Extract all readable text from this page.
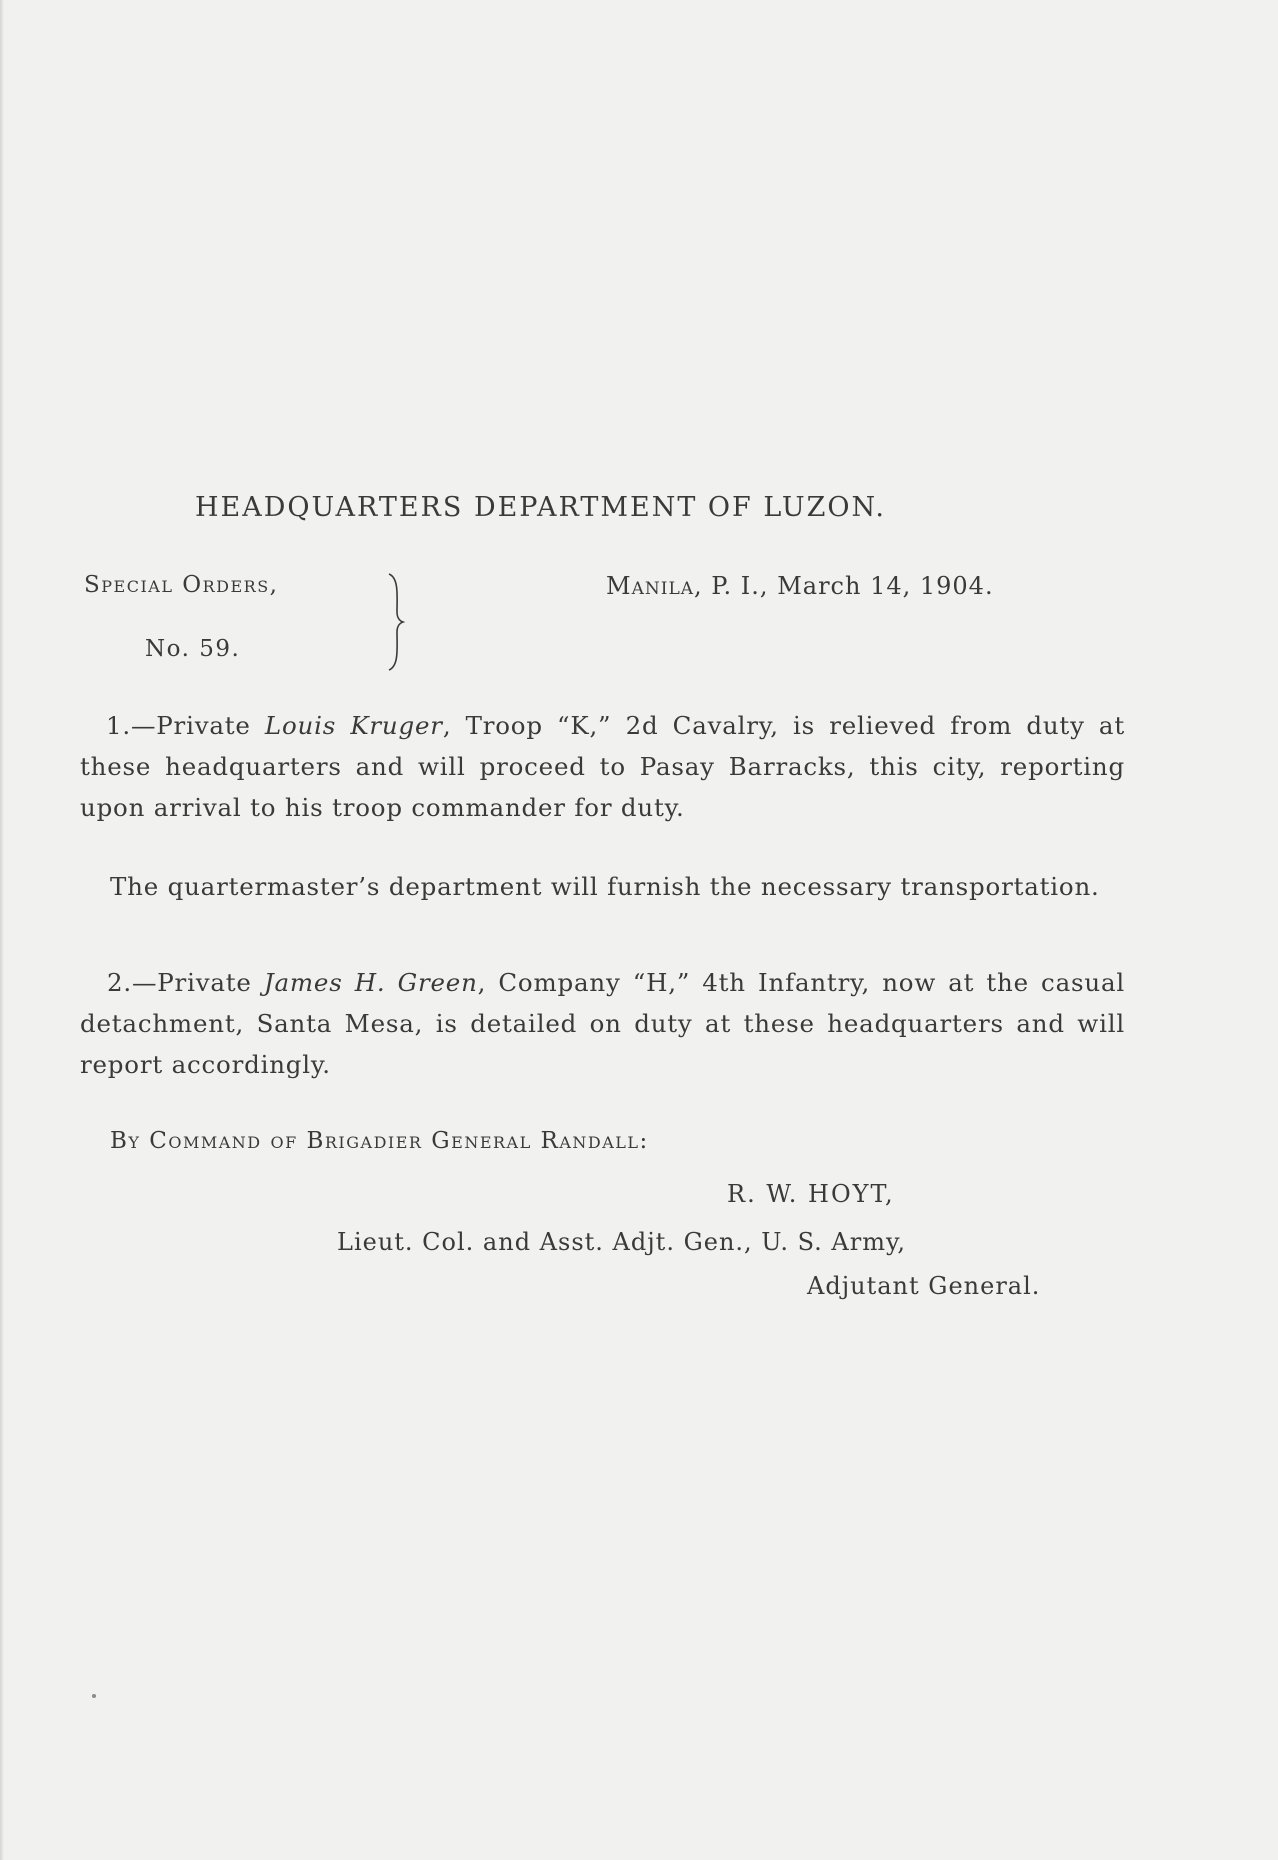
HEADQUARTERS DEPARTMENT OF LUZON.
Special Orders,
No. 59.
Manila, P. I., March 14, 1904.
1.—Private Louis Kruger, Troop “K,” 2d Cavalry, is relieved from duty at these headquarters and will proceed to Pasay Barracks, this city, reporting upon arrival to his troop commander for duty.
The quartermaster’s department will furnish the necessary transportation.
2.—Private James H. Green, Company “H,” 4th Infantry, now at the casual detachment, Santa Mesa, is detailed on duty at these headquarters and will report accordingly.
By Command of Brigadier General Randall:
R. W. HOYT,
Lieut. Col. and Asst. Adjt. Gen., U. S. Army,
Adjutant General.
